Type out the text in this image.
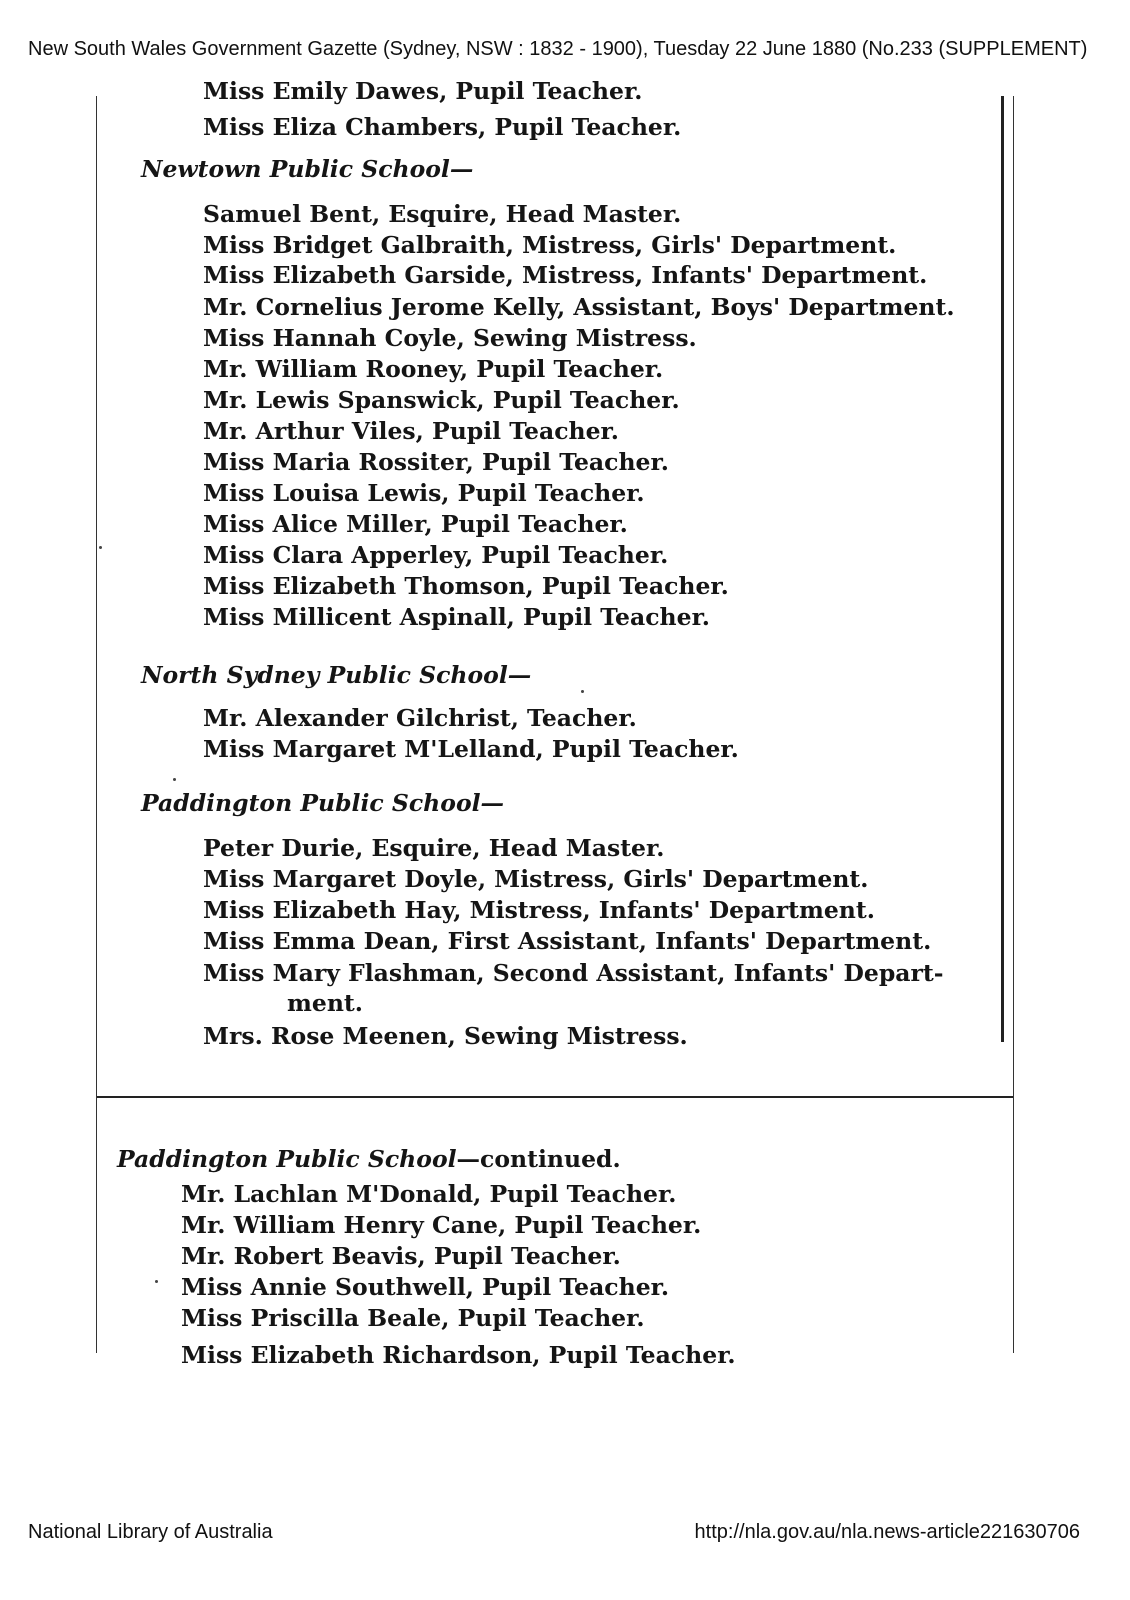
New South Wales Government Gazette (Sydney, NSW : 1832 - 1900), Tuesday 22 June 1880 (No.233 (SUPPLEMENT)
Miss Emily Dawes, Pupil Teacher.
Miss Eliza Chambers, Pupil Teacher.
Newtown Public School—
Samuel Bent, Esquire, Head Master.
Miss Bridget Galbraith, Mistress, Girls' Department.
Miss Elizabeth Garside, Mistress, Infants' Department.
Mr. Cornelius Jerome Kelly, Assistant, Boys' Department.
Miss Hannah Coyle, Sewing Mistress.
Mr. William Rooney, Pupil Teacher.
Mr. Lewis Spanswick, Pupil Teacher.
Mr. Arthur Viles, Pupil Teacher.
Miss Maria Rossiter, Pupil Teacher.
Miss Louisa Lewis, Pupil Teacher.
Miss Alice Miller, Pupil Teacher.
Miss Clara Apperley, Pupil Teacher.
Miss Elizabeth Thomson, Pupil Teacher.
Miss Millicent Aspinall, Pupil Teacher.
North Sydney Public School—
Mr. Alexander Gilchrist, Teacher.
Miss Margaret M'Lelland, Pupil Teacher.
Paddington Public School—
Peter Durie, Esquire, Head Master.
Miss Margaret Doyle, Mistress, Girls' Department.
Miss Elizabeth Hay, Mistress, Infants' Department.
Miss Emma Dean, First Assistant, Infants' Department.
Miss Mary Flashman, Second Assistant, Infants' Depart-
ment.
Mrs. Rose Meenen, Sewing Mistress.
Paddington Public School—continued.
Mr. Lachlan M'Donald, Pupil Teacher.
Mr. William Henry Cane, Pupil Teacher.
Mr. Robert Beavis, Pupil Teacher.
Miss Annie Southwell, Pupil Teacher.
Miss Priscilla Beale, Pupil Teacher.
Miss Elizabeth Richardson, Pupil Teacher.
National Library of Australia	http://nla.gov.au/nla.news-article221630706
